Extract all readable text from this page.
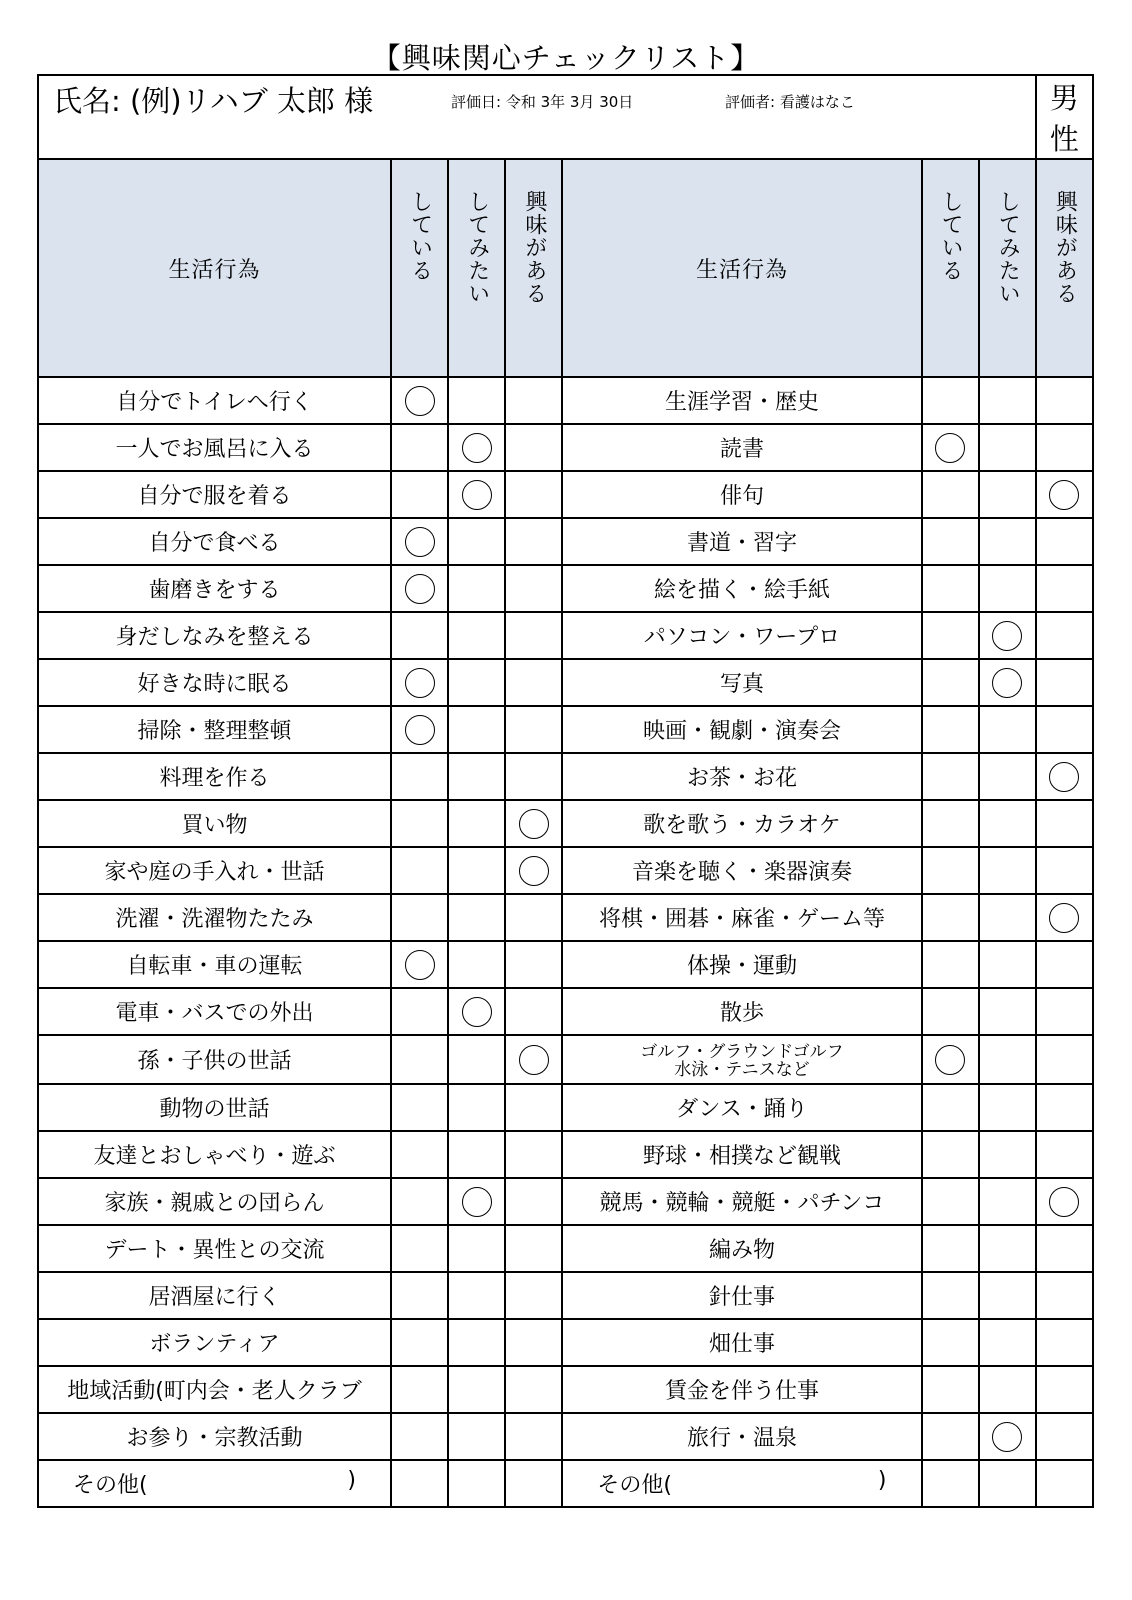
【興味関心チェックリスト】
氏名: (例)リハブ 太郎 様 評価日: 令和 3年 3月 30日 評価者: 看護はなこ							男性
生活行為	している	してみたい	興味がある	生活行為	している	してみたい	興味がある
自分でトイレへ行く				生涯学習・歴史			
一人でお風呂に入る				読書			
自分で服を着る				俳句			
自分で食べる				書道・習字			
歯磨きをする				絵を描く・絵手紙			
身だしなみを整える				パソコン・ワープロ			
好きな時に眠る				写真			
掃除・整理整頓				映画・観劇・演奏会			
料理を作る				お茶・お花			
買い物				歌を歌う・カラオケ			
家や庭の手入れ・世話				音楽を聴く・楽器演奏			
洗濯・洗濯物たたみ				将棋・囲碁・麻雀・ゲーム等			
自転車・車の運転				体操・運動			
電車・バスでの外出				散歩			
孫・子供の世話				ゴルフ・グラウンドゴルフ
水泳・テニスなど			

動物の世話				ダンス・踊り			
友達とおしゃべり・遊ぶ				野球・相撲など観戦			
家族・親戚との団らん				競馬・競輪・競艇・パチンコ			
デート・異性との交流				編み物			
居酒屋に行く				針仕事			
ボランティア				畑仕事			
地域活動(町内会・老人クラブ				賃金を伴う仕事			
お参り・宗教活動				旅行・温泉			
その他( )				その他( )			
